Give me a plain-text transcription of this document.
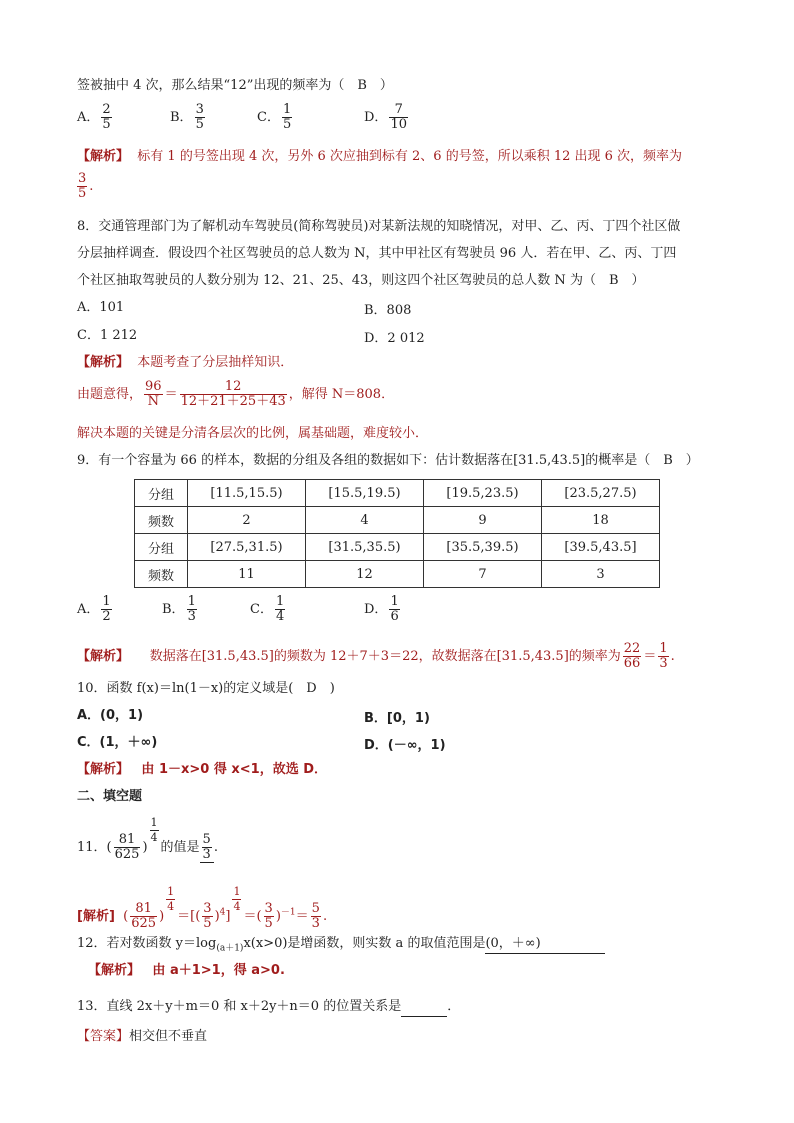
签被抽中 4 次，那么结果“12”出现的频率为（　B　）
A． $\frac{2}{5}$	B． $\frac{3}{5}$	C． $\frac{1}{5}$	D． $\frac{7}{10}$
【解析】 标有 1 的号签出现 4 次，另外 6 次应抽到标有 2、6 的号签，所以乘积 12 出现 6 次，频率为
$\frac{3}{5}$ .
8．交通管理部门为了解机动车驾驶员(简称驾驶员)对某新法规的知晓情况，对甲、乙、丙、丁四个社区做
分层抽样调查．假设四个社区驾驶员的总人数为 N，其中甲社区有驾驶员 96 人．若在甲、乙、丙、丁四
个社区抽取驾驶员的人数分别为 12、21、25、43，则这四个社区驾驶员的总人数 N 为（　B　）
A．101	B．808
C．1 212	D．2 012
【解析】 本题考查了分层抽样知识．
由题意得， $\frac{96}{N} = \frac{12}{12+21+25+43}$ ，解得 N＝808．
解决本题的关键是分清各层次的比例，属基础题，难度较小．
9．有一个容量为 66 的样本，数据的分组及各组的数据如下：估计数据落在[31.5,43.5]的概率是（　B　）
分组	[11.5,15.5)	[15.5,19.5)	[19.5,23.5)	[23.5,27.5)
频数	2	4	9	18
分组	[27.5,31.5)	[31.5,35.5)	[35.5,39.5)	[39.5,43.5]
频数	11	12	7	3
A． $\frac{1}{2}$	B． $\frac{1}{3}$	C． $\frac{1}{4}$	D． $\frac{1}{6}$
【解析】 数据落在[31.5,43.5]的频数为 12＋7＋3＝22，故数据落在[31.5,43.5]的频率为 $\frac{22}{66} = \frac{1}{3}$ .
10．函数 f(x)＝ln(1－x)的定义域是(　D　)
A．(0，1)	B．[0，1)
C．(1，＋∞)	D．(－∞，1)
【解析】 由 1－x>0 得 x<1，故选 D．
二、填空题
11．( $\frac{81}{625}$ )
$\frac{1}{4}$
的值是 $\frac{5}{3}$ .
[解析] ( $\frac{81}{625}$ )
$\frac{1}{4}$
＝[( $\frac{3}{5} )^4$]
$\frac{1}{4}$
＝( $\frac{3}{5} )^{-1}= \frac{5}{3}$ .
12．若对数函数 $y=\log_{(a+1)}x(x>0)$是增函数，则实数 a 的取值范围是(0，＋∞)
【解析】 由 a＋1>1，得 a>0.
13．直线 2x＋y＋m＝0 和 x＋2y＋n＝0 的位置关系是	．
【答案】相交但不垂直
